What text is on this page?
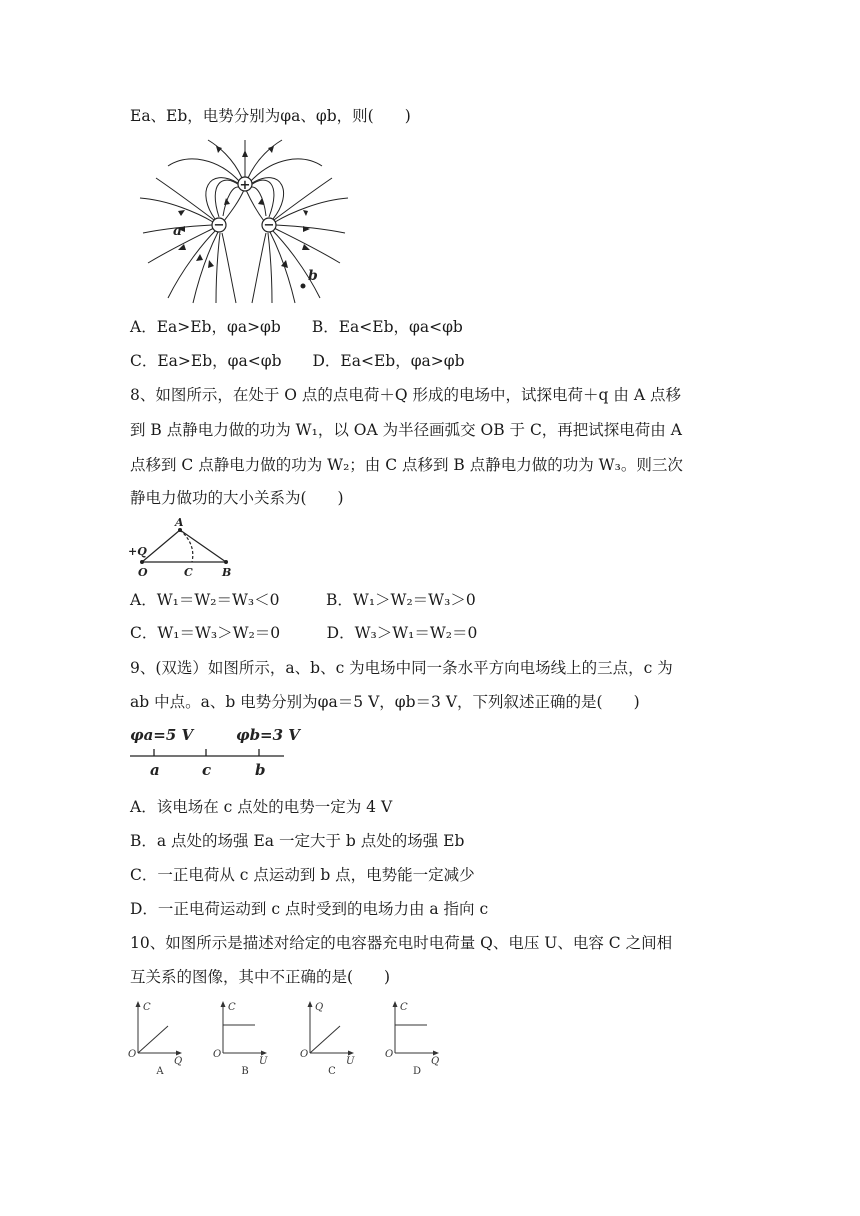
Ea、Eb，电势分别为φa、φb，则(　　)
+
−	−
a
b
A．Ea>Eb，φa>φb　　B．Ea<Eb，φa<φb
C．Ea>Eb，φa<φb　　D．Ea<Eb，φa>φb
8、如图所示，在处于 O 点的点电荷＋Q 形成的电场中，试探电荷＋q 由 A 点移
到 B 点静电力做的功为 W₁，以 OA 为半径画弧交 OB 于 C，再把试探电荷由 A
点移到 C 点静电力做的功为 W₂；由 C 点移到 B 点静电力做的功为 W₃。则三次
静电力做功的大小关系为(　　)
+Q
O
A
C	B
A．W₁＝W₂＝W₃＜0　　　B．W₁＞W₂＝W₃＞0
C．W₁＝W₃＞W₂＝0　　　D．W₃＞W₁＝W₂＝0
9、(双选）如图所示，a、b、c 为电场中同一条水平方向电场线上的三点，c 为
ab 中点。a、b 电势分别为φa＝5 V，φb＝3 V，下列叙述正确的是(　　)
φa=5 V	φb=3 V
a	c	b
A．该电场在 c 点处的电势一定为 4 V
B．a 点处的场强 Ea 一定大于 b 点处的场强 Eb
C．一正电荷从 c 点运动到 b 点，电势能一定减少
D．一正电荷运动到 c 点时受到的电场力由 a 指向 c
10、如图所示是描述对给定的电容器充电时电荷量 Q、电压 U、电容 C 之间相
互关系的图像，其中不正确的是(　　)
C
O
Q
A
C
O
U
B
Q
O
U
C
C
O
Q
D
